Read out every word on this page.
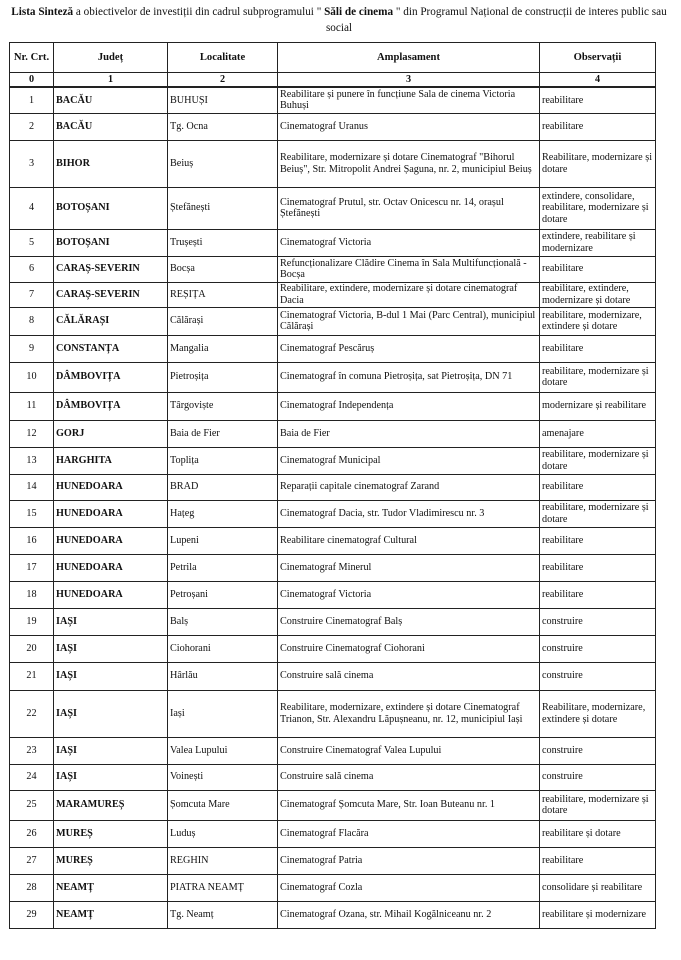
Lista Sinteză a obiectivelor de investiții din cadrul subprogramului " Săli de cinema " din Programul Național de construcții de interes public sau social
Nr. Crt.	Județ	Localitate	Amplasament	Observații
0	1	2	3	4
1	BACĂU	BUHUȘI	Reabilitare și punere în funcțiune Sala de cinema Victoria Buhuși	reabilitare
2	BACĂU	Tg. Ocna	Cinematograf Uranus	reabilitare
3	BIHOR	Beiuș	Reabilitare, modernizare și dotare Cinematograf "Bihorul Beiuș", Str. Mitropolit Andrei Șaguna, nr. 2, municipiul Beiuș	Reabilitare, modernizare și dotare
4	BOTOȘANI	Ștefănești	Cinematograf Prutul, str. Octav Onicescu nr. 14, orașul Ștefănești	extindere, consolidare, reabilitare, modernizare și dotare
5	BOTOȘANI	Trușești	Cinematograf Victoria	extindere, reabilitare și modernizare
6	CARAȘ-SEVERIN	Bocșa	Refuncționalizare Clădire Cinema în Sala Multifuncțională - Bocșa	reabilitare
7	CARAȘ-SEVERIN	REȘIȚA	Reabilitare, extindere, modernizare și dotare cinematograf Dacia	reabilitare, extindere, modernizare și dotare
8	CĂLĂRAȘI	Călărași	Cinematograf Victoria, B-dul 1 Mai (Parc Central), municipiul Călărași	reabilitare, modernizare, extindere și dotare
9	CONSTANȚA	Mangalia	Cinematograf Pescăruș	reabilitare
10	DÂMBOVIȚA	Pietroșița	Cinematograf în comuna Pietroșița, sat Pietroșița, DN 71	reabilitare, modernizare și dotare
11	DÂMBOVIȚA	Târgoviște	Cinematograf Independența	modernizare și reabilitare
12	GORJ	Baia de Fier	Baia de Fier	amenajare
13	HARGHITA	Toplița	Cinematograf Municipal	reabilitare, modernizare și dotare
14	HUNEDOARA	BRAD	Reparații capitale cinematograf Zarand	reabilitare
15	HUNEDOARA	Hațeg	Cinematograf Dacia, str. Tudor Vladimirescu nr. 3	reabilitare, modernizare și dotare
16	HUNEDOARA	Lupeni	Reabilitare cinematograf Cultural	reabilitare
17	HUNEDOARA	Petrila	Cinematograf Minerul	reabilitare
18	HUNEDOARA	Petroșani	Cinematograf Victoria	reabilitare
19	IAȘI	Balș	Construire Cinematograf Balș	construire
20	IAȘI	Ciohorani	Construire Cinematograf Ciohorani	construire
21	IAȘI	Hârlău	Construire sală cinema	construire
22	IAȘI	Iași	Reabilitare, modernizare, extindere și dotare Cinematograf Trianon, Str. Alexandru Lăpușneanu, nr. 12, municipiul Iași	Reabilitare, modernizare, extindere și dotare
23	IAȘI	Valea Lupului	Construire Cinematograf Valea Lupului	construire
24	IAȘI	Voinești	Construire sală cinema	construire
25	MARAMUREȘ	Șomcuta Mare	Cinematograf Șomcuta Mare, Str. Ioan Buteanu nr. 1	reabilitare, modernizare și dotare
26	MUREȘ	Luduș	Cinematograf Flacăra	reabilitare și dotare
27	MUREȘ	REGHIN	Cinematograf Patria	reabilitare
28	NEAMȚ	PIATRA NEAMȚ	Cinematograf Cozla	consolidare și reabilitare
29	NEAMȚ	Tg. Neamț	Cinematograf Ozana, str. Mihail Kogălniceanu nr. 2	reabilitare și modernizare
